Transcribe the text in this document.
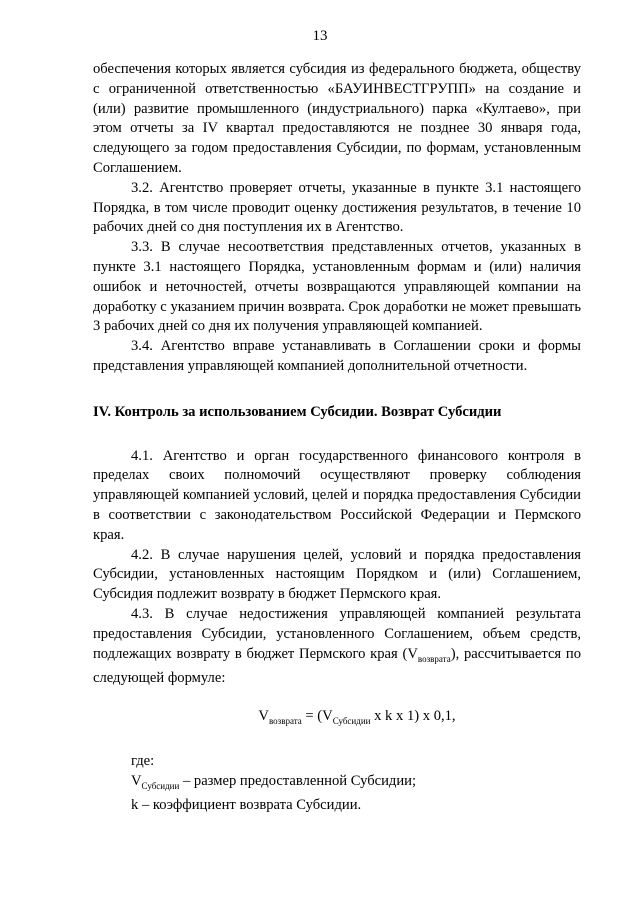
13

обеспечения которых является субсидия из федерального бюджета, обществу с ограниченной ответственностью «БАУИНВЕСТГРУПП» на создание и (или) развитие промышленного (индустриального) парка «Култаево», при этом отчеты за IV квартал предоставляются не позднее 30 января года, следующего за годом предоставления Субсидии, по формам, установленным Соглашением.

3.2. Агентство проверяет отчеты, указанные в пункте 3.1 настоящего Порядка, в том числе проводит оценку достижения результатов, в течение 10 рабочих дней со дня поступления их в Агентство.

3.3. В случае несоответствия представленных отчетов, указанных в пункте 3.1 настоящего Порядка, установленным формам и (или) наличия ошибок и неточностей, отчеты возвращаются управляющей компании на доработку с указанием причин возврата. Срок доработки не может превышать 3 рабочих дней со дня их получения управляющей компанией.

3.4. Агентство вправе устанавливать в Соглашении сроки и формы представления управляющей компанией дополнительной отчетности.

IV. Контроль за использованием Субсидии. Возврат Субсидии

4.1. Агентство и орган государственного финансового контроля в пределах своих полномочий осуществляют проверку соблюдения управляющей компанией условий, целей и порядка предоставления Субсидии в соответствии с законодательством Российской Федерации и Пермского края.

4.2. В случае нарушения целей, условий и порядка предоставления Субсидии, установленных настоящим Порядком и (или) Соглашением, Субсидия подлежит возврату в бюджет Пермского края.

4.3. В случае недостижения управляющей компанией результата предоставления Субсидии, установленного Соглашением, объем средств, подлежащих возврату в бюджет Пермского края $(V_{возврата})$, рассчитывается по следующей формуле:

$V_{возврата} = (V_{Субсидии}$ x k x 1) x 0,1,

где:

$V_{Субсидии}$ – размер предоставленной Субсидии;

k – коэффициент возврата Субсидии.
